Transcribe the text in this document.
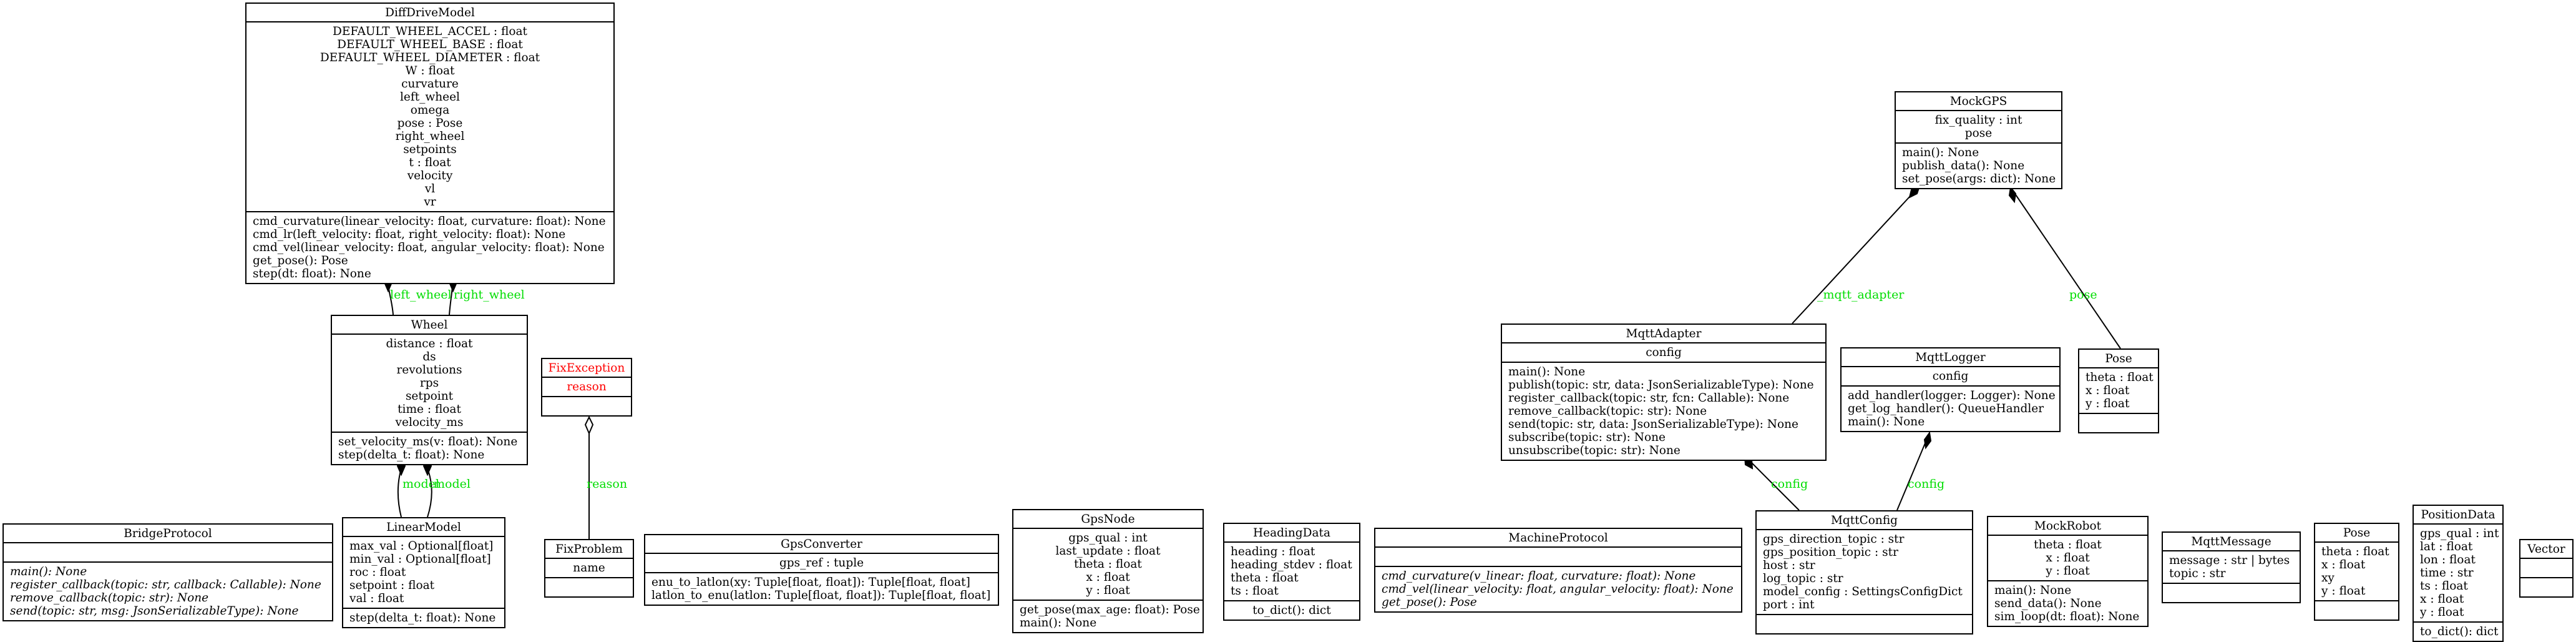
left_wheel right_wheel
model
model	reason
_mqtt_adapter	pose
config	config
DiffDriveModel
DEFAULT_WHEEL_ACCEL : float
DEFAULT_WHEEL_BASE : float
DEFAULT_WHEEL_DIAMETER : float
W : float
curvature
left_wheel
omega
pose : Pose
right_wheel
setpoints
t : float
velocity
vl
vr
cmd_curvature(linear_velocity: float, curvature: float): None
cmd_lr(left_velocity: float, right_velocity: float): None
cmd_vel(linear_velocity: float, angular_velocity: float): None
get_pose(): Pose
step(dt: float): None
Wheel
distance : float
ds
revolutions
rps
setpoint
time : float
velocity_ms
set_velocity_ms(v: float): None
step(delta_t: float): None
FixException
reason
FixProblem
name
LinearModel
max_val : Optional[float]
min_val : Optional[float]
roc : float
setpoint : float
val : float
step(delta_t: float): None
BridgeProtocol
main(): None
register_callback(topic: str, callback: Callable): None
remove_callback(topic: str): None
send(topic: str, msg: JsonSerializableType): None
GpsConverter
gps_ref : tuple
enu_to_latlon(xy: Tuple[float, float]): Tuple[float, float]
latlon_to_enu(latlon: Tuple[float, float]): Tuple[float, float]
GpsNode
gps_qual : int
last_update : float
theta : float
x : float
y : float
get_pose(max_age: float): Pose
main(): None
HeadingData
heading : float
heading_stdev : float
theta : float
ts : float
to_dict(): dict
MachineProtocol
cmd_curvature(v_linear: float, curvature: float): None
cmd_vel(linear_velocity: float, angular_velocity: float): None
get_pose(): Pose
MqttAdapter
config
main(): None
publish(topic: str, data: JsonSerializableType): None
register_callback(topic: str, fcn: Callable): None
remove_callback(topic: str): None
send(topic: str, data: JsonSerializableType): None
subscribe(topic: str): None
unsubscribe(topic: str): None
MqttLogger
config
add_handler(logger: Logger): None
get_log_handler(): QueueHandler
main(): None
Pose
theta : float
x : float
y : float
MockGPS
fix_quality : int
pose
main(): None
publish_data(): None
set_pose(args: dict): None
MqttConfig
gps_direction_topic : str
gps_position_topic : str
host : str
log_topic : str
model_config : SettingsConfigDict
port : int
MockRobot
theta : float
x : float
y : float
main(): None
send_data(): None
sim_loop(dt: float): None
MqttMessage
message : str | bytes
topic : str
Pose
theta : float
x : float
xy
y : float
PositionData
gps_qual : int
lat : float
lon : float
time : str
ts : float
x : float
y : float
to_dict(): dict
Vector
